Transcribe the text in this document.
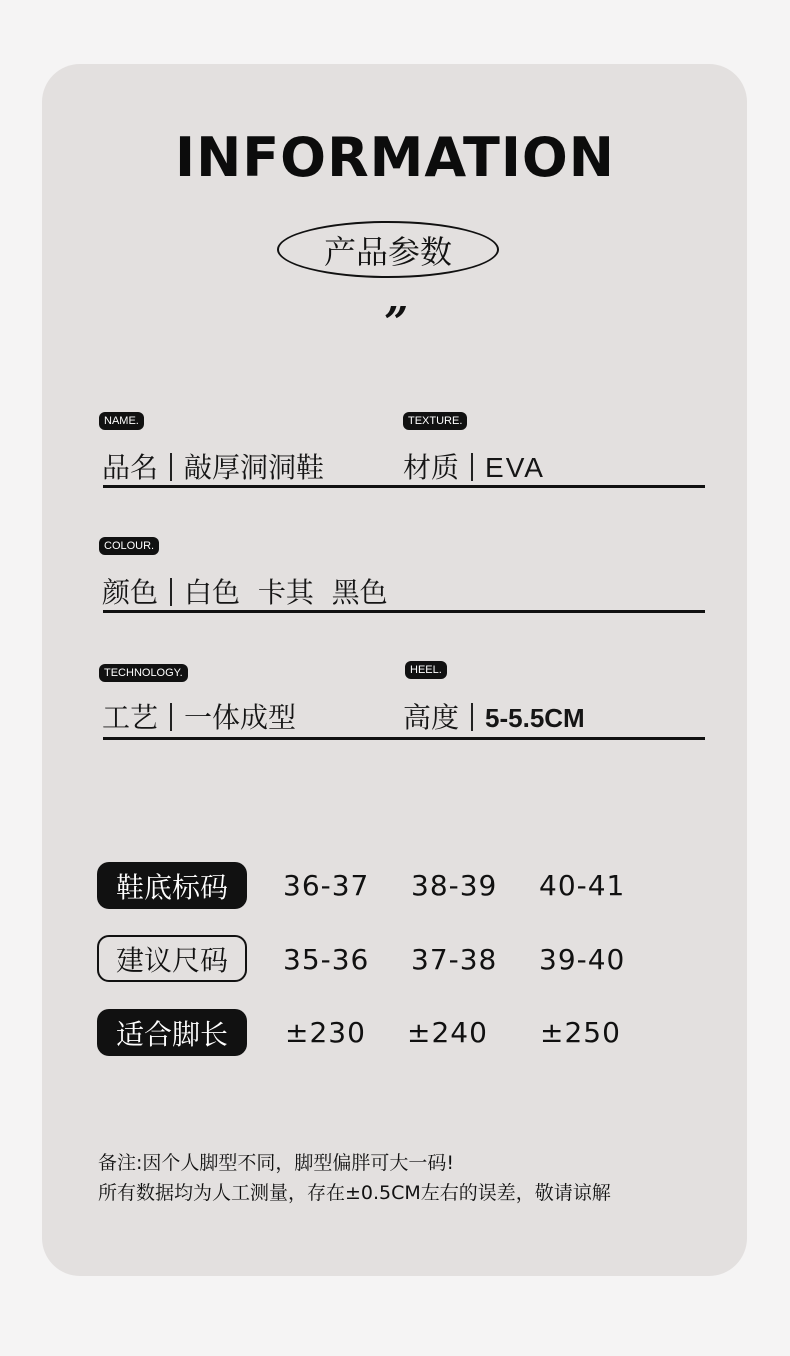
INFORMATION
产品参数
”
NAME.
品名 敲厚洞洞鞋
TEXTURE.
材质 EVA
COLOUR.
颜色 白色  卡其  黑色
TECHNOLOGY.
工艺 一体成型
HEEL.
高度 5-5.5CM
鞋底标码	36-37 38-39 40-41
建议尺码	35-36 37-38 39-40
适合脚长	±230 ±240 ±250
备注:因个人脚型不同，脚型偏胖可大一码!
所有数据均为人工测量，存在±0.5CM左右的误差，敬请谅解
